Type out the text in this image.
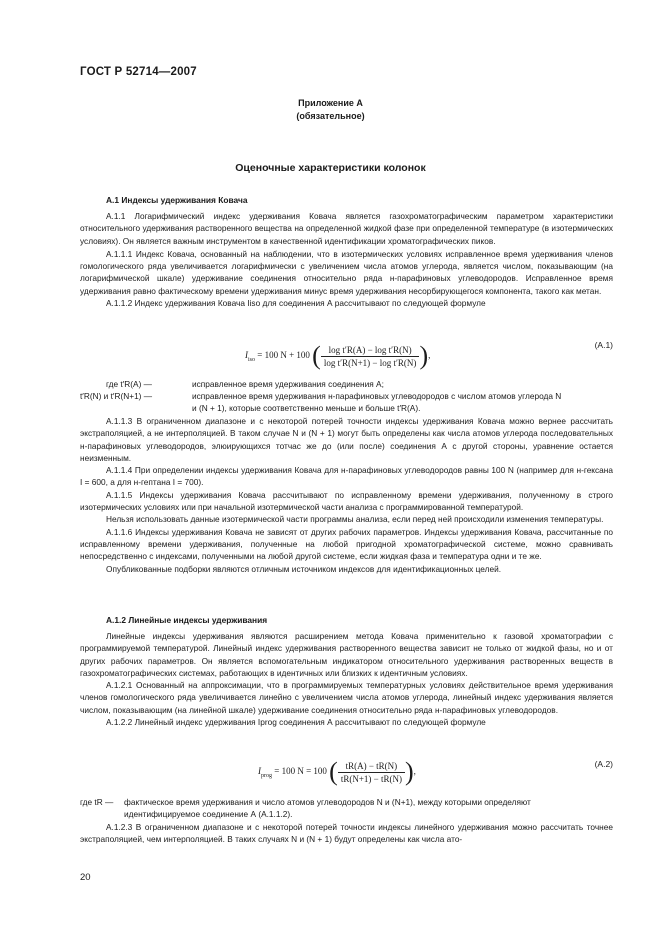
ГОСТ Р 52714—2007
Приложение А
(обязательное)
Оценочные характеристики колонок
А.1 Индексы удерживания Ковача

А.1.1 Логарифмический индекс удерживания Ковача является газохроматографическим параметром характеристики относительного удерживания растворенного вещества на определенной жидкой фазе при определенной температуре (в изотермических условиях). Он является важным инструментом в качественной идентификации хроматографических пиков.

А.1.1.1 Индекс Ковача, основанный на наблюдении, что в изотермических условиях исправленное время удерживания членов гомологического ряда увеличивается логарифмически с увеличением числа атомов углерода, является числом, показывающим (на логарифмической шкале) удерживание соединения относительно ряда н-парафиновых углеводородов. Исправленное время удерживания равно фактическому времени удерживания минус время удерживания несорбирующегося компонента, такого как метан.

А.1.1.2 Индекс удерживания Ковача Iiso для соединения А рассчитывают по следующей формуле

$I_{iso} = 100$ N + 100 ( $\frac{\text{log t′R(A) − log t′R(N)}}{\text{log t′R(N+1) − log t′R(N)}}$ ),
(А.1)
где t′R(A) —	исправленное время удерживания соединения А;
t′R(N) и t′R(N+1) —	исправленное время удерживания н-парафиновых углеводородов с числом атомов углерода N
и (N + 1), которые соответственно меньше и больше t′R(A).

А.1.1.3 В ограниченном диапазоне и с некоторой потерей точности индексы удерживания Ковача можно вернее рассчитать экстраполяцией, а не интерполяцией. В таком случае N и (N + 1) могут быть определены как числа атомов углерода последовательных н-парафиновых углеводородов, элюирующихся тотчас же до (или после) соединения А с другой стороны, уравнение остается неизменным.

А.1.1.4 При определении индексы удерживания Ковача для н-парафиновых углеводородов равны 100 N (например для н-гексана I = 600, а для н-гептана I = 700).

А.1.1.5 Индексы удерживания Ковача рассчитывают по исправленному времени удерживания, полученному в строго изотермических условиях или при начальной изотермической части анализа с программированной температурой.

Нельзя использовать данные изотермической части программы анализа, если перед ней происходили изменения температуры.

А.1.1.6 Индексы удерживания Ковача не зависят от других рабочих параметров. Индексы удерживания Ковача, рассчитанные по исправленному времени удерживания, полученные на любой пригодной хроматографической системе, можно сравнивать непосредственно с индексами, полученными на любой другой системе, если жидкая фаза и температура одни и те же.

Опубликованные подборки являются отличным источником индексов для идентификационных целей.

А.1.2 Линейные индексы удерживания

Линейные индексы удерживания являются расширением метода Ковача применительно к газовой хроматографии с программируемой температурой. Линейный индекс удерживания растворенного вещества зависит не только от жидкой фазы, но и от других рабочих параметров. Он является вспомогательным индикатором относительного удерживания растворенных веществ в газохроматографических системах, работающих в идентичных или близких к идентичным условиях.

А.1.2.1 Основанный на аппроксимации, что в программируемых температурных условиях действительное время удерживания членов гомологического ряда увеличивается линейно с увеличением числа атомов углерода, линейный индекс удерживания является числом, показывающим (на линейной шкале) удерживание соединения относительно ряда н-парафиновых углеводородов.

А.1.2.2 Линейный индекс удерживания Iprog соединения А рассчитывают по следующей формуле

$I_{prog} = 100$ N = 100 ( $\frac{tR(A) - tR(N)}{tR(N+1) - tR(N)}$ ),
(А.2)
где tR — фактическое время удерживания и число атомов углеводородов N и (N+1), между которыми определяют
идентифицируемое соединение А (А.1.1.2).

А.1.2.3 В ограниченном диапазоне и с некоторой потерей точности индексы линейного удерживания можно рассчитать точнее экстраполяцией, чем интерполяцией. В таких случаях N и (N + 1) будут определены как числа ато-

20
